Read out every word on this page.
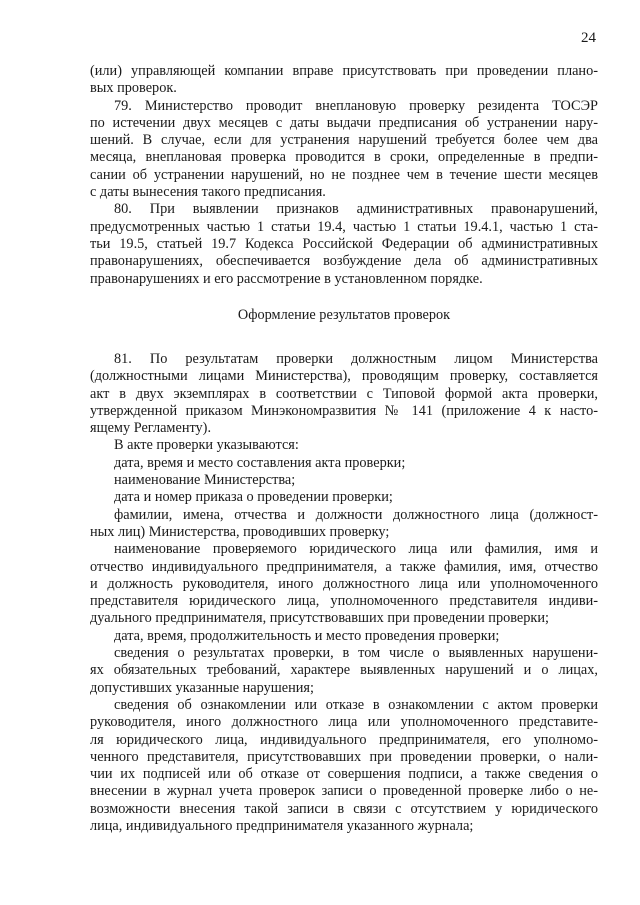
24
(или) управляющей компании вправе присутствовать при проведении плано-
вых проверок.
79. Министерство проводит внеплановую проверку резидента ТОСЭР
по истечении двух месяцев с даты выдачи предписания об устранении нару-
шений. В случае, если для устранения нарушений требуется более чем два
месяца, внеплановая проверка проводится в сроки, определенные в предпи-
сании об устранении нарушений, но не позднее чем в течение шести месяцев
с даты вынесения такого предписания.
80. При выявлении признаков административных правонарушений,
предусмотренных частью 1 статьи 19.4, частью 1 статьи 19.4.1, частью 1 ста-
тьи 19.5, статьей 19.7 Кодекса Российской Федерации об административных
правонарушениях, обеспечивается возбуждение дела об административных
правонарушениях и его рассмотрение в установленном порядке.
Оформление результатов проверок
81. По результатам проверки должностным лицом Министерства
(должностными лицами Министерства), проводящим проверку, составляется
акт в двух экземплярах в соответствии с Типовой формой акта проверки,
утвержденной приказом Минэкономразвития № 141 (приложение 4 к насто-
ящему Регламенту).
В акте проверки указываются:
дата, время и место составления акта проверки;
наименование Министерства;
дата и номер приказа о проведении проверки;
фамилии, имена, отчества и должности должностного лица (должност-
ных лиц) Министерства, проводивших проверку;
наименование проверяемого юридического лица или фамилия, имя и
отчество индивидуального предпринимателя, а также фамилия, имя, отчество
и должность руководителя, иного должностного лица или уполномоченного
представителя юридического лица, уполномоченного представителя индиви-
дуального предпринимателя, присутствовавших при проведении проверки;
дата, время, продолжительность и место проведения проверки;
сведения о результатах проверки, в том числе о выявленных нарушени-
ях обязательных требований, характере выявленных нарушений и о лицах,
допустивших указанные нарушения;
сведения об ознакомлении или отказе в ознакомлении с актом проверки
руководителя, иного должностного лица или уполномоченного представите-
ля юридического лица, индивидуального предпринимателя, его уполномо-
ченного представителя, присутствовавших при проведении проверки, о нали-
чии их подписей или об отказе от совершения подписи, а также сведения о
внесении в журнал учета проверок записи о проведенной проверке либо о не-
возможности внесения такой записи в связи с отсутствием у юридического
лица, индивидуального предпринимателя указанного журнала;
